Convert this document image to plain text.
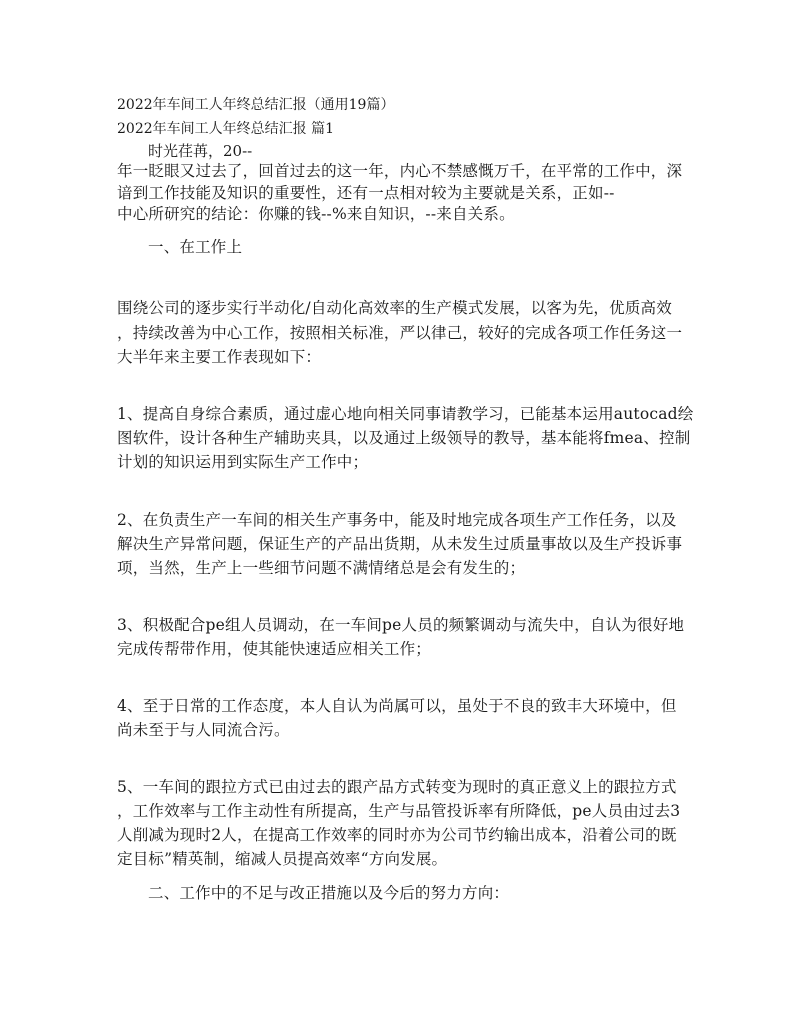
2022年车间工人年终总结汇报（通用19篇）
2022年车间工人年终总结汇报 篇1
时光荏苒，20--
年一眨眼又过去了，回首过去的这一年，内心不禁感慨万千，在平常的工作中，深
谙到工作技能及知识的重要性，还有一点相对较为主要就是关系，正如--
中心所研究的结论：你赚的钱--%来自知识，--来自关系。
一、在工作上
围绕公司的逐步实行半动化/自动化高效率的生产模式发展，以客为先，优质高效
，持续改善为中心工作，按照相关标准，严以律己，较好的完成各项工作任务这一
大半年来主要工作表现如下：
1、提高自身综合素质，通过虚心地向相关同事请教学习，已能基本运用autocad绘
图软件，设计各种生产辅助夹具，以及通过上级领导的教导，基本能将fmea、控制
计划的知识运用到实际生产工作中；
2、在负责生产一车间的相关生产事务中，能及时地完成各项生产工作任务，以及
解决生产异常问题，保证生产的产品出货期，从未发生过质量事故以及生产投诉事
项，当然，生产上一些细节问题不满情绪总是会有发生的；
3、积极配合pe组人员调动，在一车间pe人员的频繁调动与流失中，自认为很好地
完成传帮带作用，使其能快速适应相关工作；
4、至于日常的工作态度，本人自认为尚属可以，虽处于不良的致丰大环境中，但
尚未至于与人同流合污。
5、一车间的跟拉方式已由过去的跟产品方式转变为现时的真正意义上的跟拉方式
，工作效率与工作主动性有所提高，生产与品管投诉率有所降低，pe人员由过去3
人削减为现时2人，在提高工作效率的同时亦为公司节约输出成本，沿着公司的既
定目标”精英制，缩减人员提高效率“方向发展。
二、工作中的不足与改正措施以及今后的努力方向：
